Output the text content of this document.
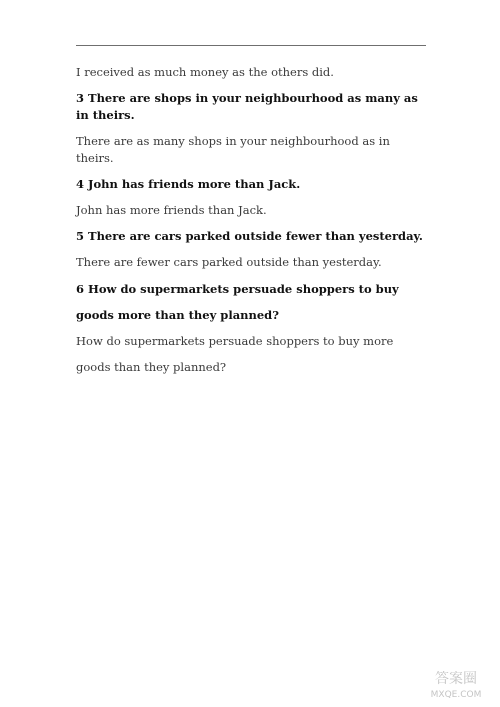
I received as much money as the others did.

3 There are shops in your neighbourhood as many as in theirs.

There are as many shops in your neighbourhood as in theirs.

4 John has friends more than Jack.

John has more friends than Jack.

5 There are cars parked outside fewer than yesterday.

There are fewer cars parked outside than yesterday.

6 How do supermarkets persuade shoppers to buy goods more than they planned?

How do supermarkets persuade shoppers to buy more goods than they planned?

答案圈
MXQE.COM
